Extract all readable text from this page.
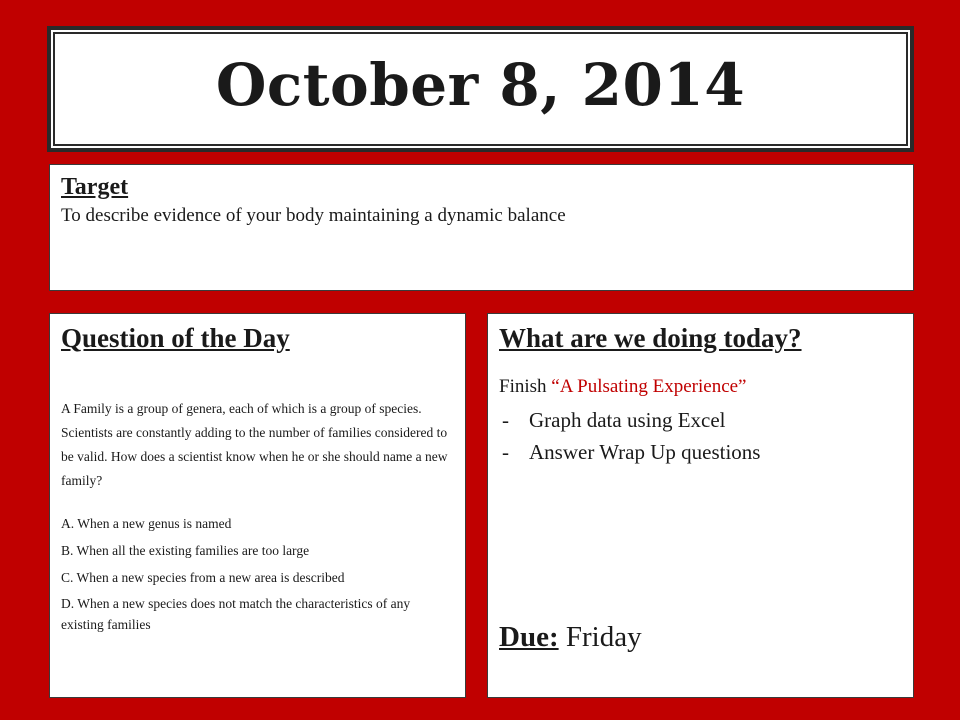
October 8, 2014
Target
To describe evidence of your body maintaining a dynamic balance
Question of the Day
A Family is a group of genera, each of which is a group of species. Scientists are constantly adding to the number of families considered to be valid. How does a scientist know when he or she should name a new family?
A. When a new genus is named
B. When all the existing families are too large
C. When a new species from a new area is described
D. When a new species does not match the characteristics of any existing families
What are we doing today?
Finish “A Pulsating Experience”
- Graph data using Excel
- Answer Wrap Up questions
Due: Friday
